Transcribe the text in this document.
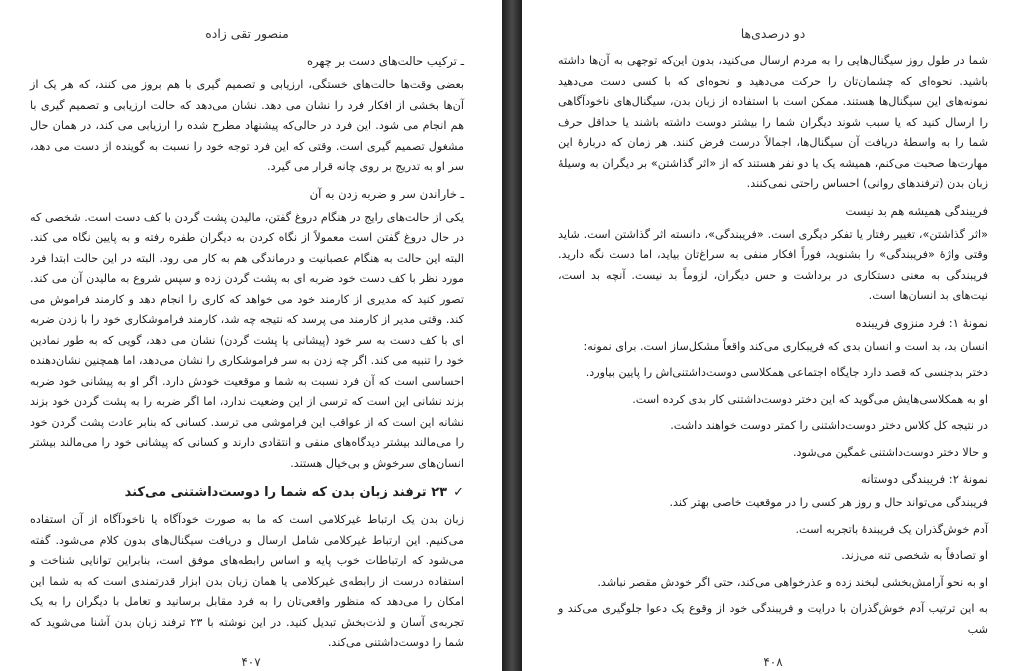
منصور تقی زاده
ـ ترکیب حالت‌های دست بر چهره

بعضی وقت‌ها حالت‌های خستگی، ارزیابی و تصمیم گیری با هم بروز می کنند، که هر یک از آن‌ها بخشی از افکار فرد را نشان می دهد. نشان می‌دهد که حالت ارزیابی و تصمیم گیری با هم انجام می شود. این فرد در حالی‌که پیشنهاد مطرح شده را ارزیابی می کند، در همان حال مشغول تصمیم گیری است. وقتی که این فرد توجه خود را نسبت به گوینده از دست می دهد، سر او به تدریج بر روی چانه قرار می گیرد.

ـ خاراندن سر و ضربه زدن به آن

یکی از حالت‌های رایج در هنگام دروغ گفتن، مالیدن پشت گردن با کف دست است. شخصی که در حال دروغ گفتن است معمولاً از نگاه کردن به دیگران طفره رفته و به پایین نگاه می کند. البته این حالت به هنگام عصبانیت و درماندگی هم به کار می رود. البته در این حالت ابتدا فرد مورد نظر با کف دست خود ضربه ای به پشت گردن زده و سپس شروع به مالیدن آن می کند. تصور کنید که مدیری از کارمند خود می خواهد که کاری را انجام دهد و کارمند فراموش می کند. وقتی مدیر از کارمند می پرسد که نتیجه چه شد، کارمند فراموشکاری خود را با زدن ضربه ای با کف دست به سر خود (پیشانی یا پشت گردن) نشان می دهد، گویی که به طور نمادین خود را تنبیه می کند. اگر چه زدن به سر فراموشکاری را نشان می‌دهد، اما همچنین نشان‌دهنده احساسی است که آن فرد نسبت به شما و موقعیت خودش دارد. اگر او به پیشانی خود ضربه بزند نشانی این است که ترسی از این وضعیت ندارد، اما اگر ضربه را به پشت گردن خود بزند نشانه این است که از عواقب این فراموشی می ترسد. کسانی که بنابر عادت پشت گردن خود را می‌مالند بیشتر دیدگاه‌های منفی و انتقادی دارند و کسانی که پیشانی خود را می‌مالند بیشتر انسان‌های سرخوش و بی‌خیال هستند.

✓۲۳ ترفند زبان بدن که شما را دوست‌داشتنی می‌کند

زبان بدن یک ارتباط غیرکلامی است که ما به صورت خودآگاه یا ناخودآگاه از آن استفاده می‌کنیم. این ارتباط غیرکلامی شامل ارسال و دریافت سیگنال‌های بدون کلام می‌شود. گفته می‌شود که ارتباطات خوب پایه و اساس رابطه‌های موفق است، بنابراین توانایی شناخت و استفاده درست از رابطه‌ی غیرکلامی یا همان زبان بدن ابزار قدرتمندی است که به شما این امکان را می‌دهد که منظور واقعی‌تان را به فرد مقابل برسانید و تعامل با دیگران را به یک تجربه‌ی آسان و لذت‌بخش تبدیل کنید. در این نوشته با ۲۳ ترفند زبان بدن آشنا می‌شوید که شما را دوست‌داشتنی می‌کند.

۴۰۷
دو درصدی‌ها

شما در طول روز سیگنال‌هایی را به مردم ارسال می‌کنید، بدون این‌که توجهی به آن‌ها داشته باشید. نحوه‌ای که چشمان‌تان را حرکت می‌دهید و نحوه‌ای که با کسی دست می‌دهید نمونه‌های این سیگنال‌ها هستند. ممکن است با استفاده از زبان بدن، سیگنال‌های ناخودآگاهی را ارسال کنید که یا سبب شوند دیگران شما را بیشتر دوست داشته باشند یا حداقل حرف شما را به واسطهٔ دریافت آن سیگنال‌ها، اجمالاً درست فرض کنند. هر زمان که دربارهٔ این مهارت‌ها صحبت می‌کنم، همیشه یک یا دو نفر هستند که از «اثر گذاشتن» بر دیگران به وسیلهٔ زبان بدن (ترفندهای روانی) احساس راحتی نمی‌کنند.

فریبندگی همیشه هم بد نیست

«اثر گذاشتن»، تغییر رفتار یا تفکر دیگری است. «فریبندگی»، دانسته اثر گذاشتن است. شاید وقتی واژهٔ «فریبندگی» را بشنوید، فوراً افکار منفی به سراغ‌تان بیاید، اما دست نگه دارید. فریبندگی به معنی دستکاری در برداشت و حس دیگران، لزوماً بد نیست. آنچه بد است، نیت‌های بد انسان‌ها است.

نمونهٔ ۱: فرد منزوی فریبنده

انسان بد، بد است و انسان بدی که فریبکاری می‌کند واقعاً مشکل‌ساز است. برای نمونه:

دختر بدجنسی که قصد دارد جایگاه اجتماعی همکلاسی دوست‌داشتنی‌اش را پایین بیاورد.

او به همکلاسی‌هایش می‌گوید که این دختر دوست‌داشتنی کار بدی کرده است.

در نتیجه کل کلاس دختر دوست‌داشتنی را کمتر دوست خواهند داشت.

و حالا دختر دوست‌داشتنی غمگین می‌شود.

نمونهٔ ۲: فریبندگی دوستانه

فریبندگی می‌تواند حال و روز هر کسی را در موقعیت خاصی بهتر کند.

آدم خوش‌گذران یک فریبندهٔ باتجربه است.

او تصادفاً به شخصی تنه می‌زند.

او به نحو آرامش‌بخشی لبخند زده و عذرخواهی می‌کند، حتی اگر خودش مقصر نباشد.

به این ترتیب آدم خوش‌گذران با درایت و فریبندگی خود از وقوع یک دعوا جلوگیری می‌کند و شب

۴۰۸
